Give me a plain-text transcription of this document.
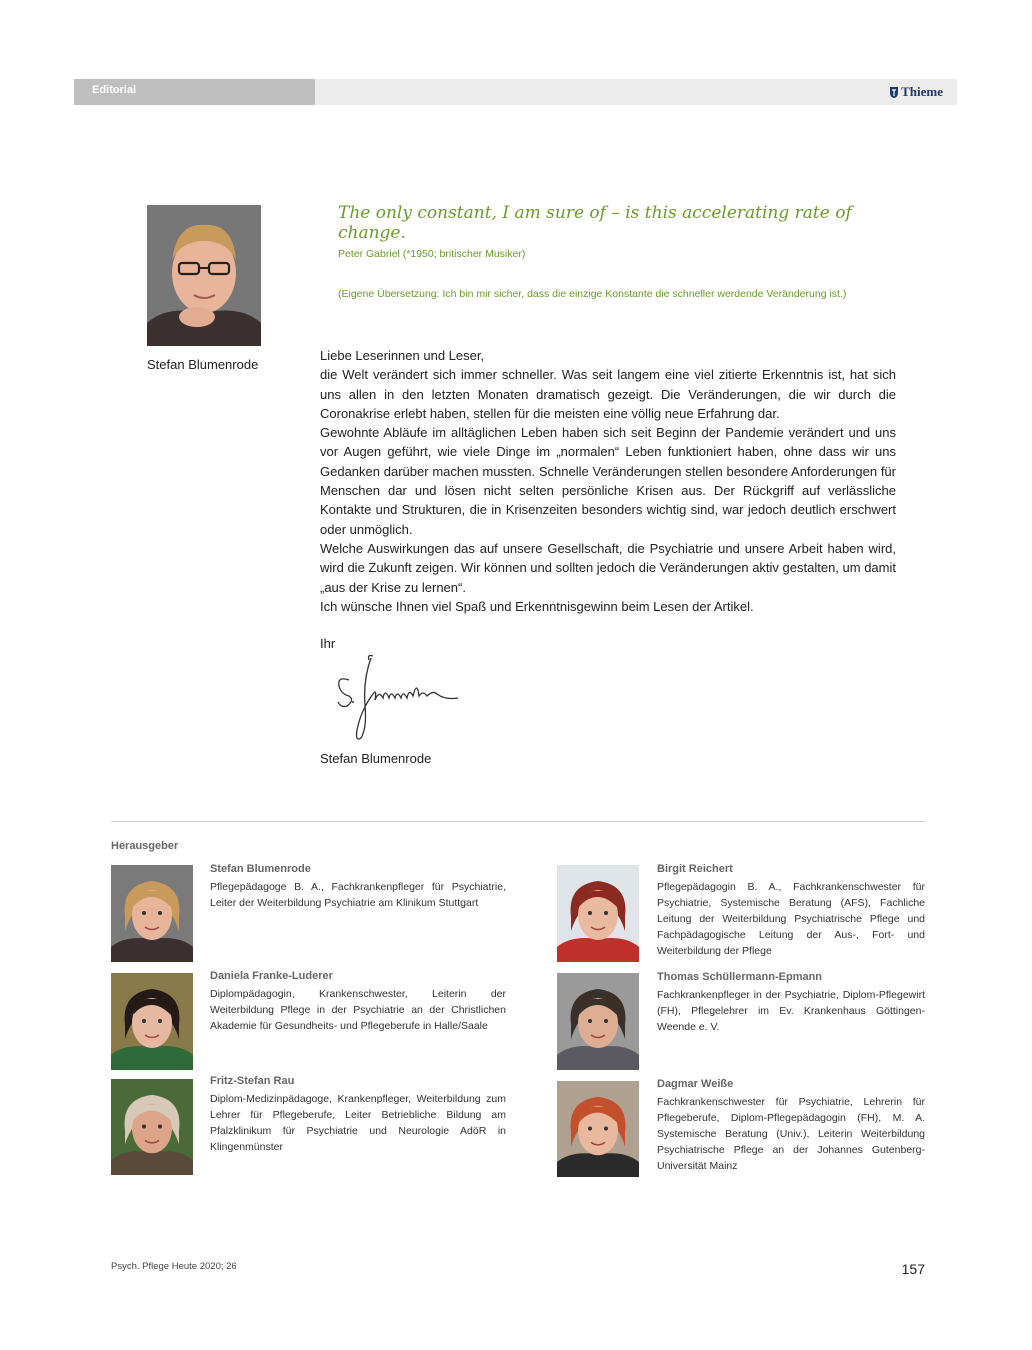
Editorial	Thieme
Stefan Blumenrode
The only constant, I am sure of – is this accelerating rate of change.
Peter Gabriel (*1950; britischer Musiker)
(Eigene Übersetzung: Ich bin mir sicher, dass die einzige Konstante die schneller werdende Veränderung ist.)

Liebe Leserinnen und Leser,

die Welt verändert sich immer schneller. Was seit langem eine viel zitierte Erkenntnis ist, hat sich uns allen in den letzten Monaten dramatisch gezeigt. Die Veränderungen, die wir durch die Coronakrise erlebt haben, stellen für die meisten eine völlig neue Erfahrung dar.

Gewohnte Abläufe im alltäglichen Leben haben sich seit Beginn der Pandemie verändert und uns vor Augen geführt, wie viele Dinge im „normalen“ Leben funktioniert haben, ohne dass wir uns Gedanken darüber machen mussten. Schnelle Veränderungen stellen besondere Anforderungen für Menschen dar und lösen nicht selten persönliche Krisen aus. Der Rückgriff auf verlässliche Kontakte und Strukturen, die in Krisenzeiten besonders wichtig sind, war jedoch deutlich erschwert oder unmöglich.

Welche Auswirkungen das auf unsere Gesellschaft, die Psychiatrie und unsere Arbeit haben wird, wird die Zukunft zeigen. Wir können und sollten jedoch die Veränderungen aktiv gestalten, um damit „aus der Krise zu lernen“.

Ich wünsche Ihnen viel Spaß und Erkenntnisgewinn beim Lesen der Artikel.

Ihr
Stefan Blumenrode
Herausgeber
Stefan Blumenrode
Pflegepädagoge B. A., Fachkrankenpfleger für Psychiatrie, Leiter der Weiterbildung Psychiatrie am Klinikum Stuttgart
Birgit Reichert
Pflegepädagogin B. A., Fachkrankenschwester für Psychiatrie, Systemische Beratung (AFS), Fachliche Leitung der Weiterbildung Psychiatrische Pflege und Fachpädagogische Leitung der Aus-, Fort- und Weiterbildung der Pflege
Daniela Franke-Luderer
Diplompädagogin, Krankenschwester, Leiterin der Weiterbildung Pflege in der Psychiatrie an der Christlichen Akademie für Gesundheits- und Pflegeberufe in Halle/Saale
Thomas Schüllermann-Epmann
Fachkrankenpfleger in der Psychiatrie, Diplom-Pflegewirt (FH), Pflegelehrer im Ev. Krankenhaus Göttingen-Weende e. V.
Fritz-Stefan Rau
Diplom-Medizinpädagoge, Krankenpfleger, Weiterbildung zum Lehrer für Pflegeberufe, Leiter Betriebliche Bildung am Pfalzklinikum für Psychiatrie und Neurologie AdöR in Klingenmünster
Dagmar Weiße
Fachkrankenschwester für Psychiatrie, Lehrerin für Pflegeberufe, Diplom-Pflegepädagogin (FH), M. A. Systemische Beratung (Univ.), Leiterin Weiterbildung Psychiatrische Pflege an der Johannes Gutenberg-Universität Mainz
Psych. Pflege Heute 2020; 26	157
